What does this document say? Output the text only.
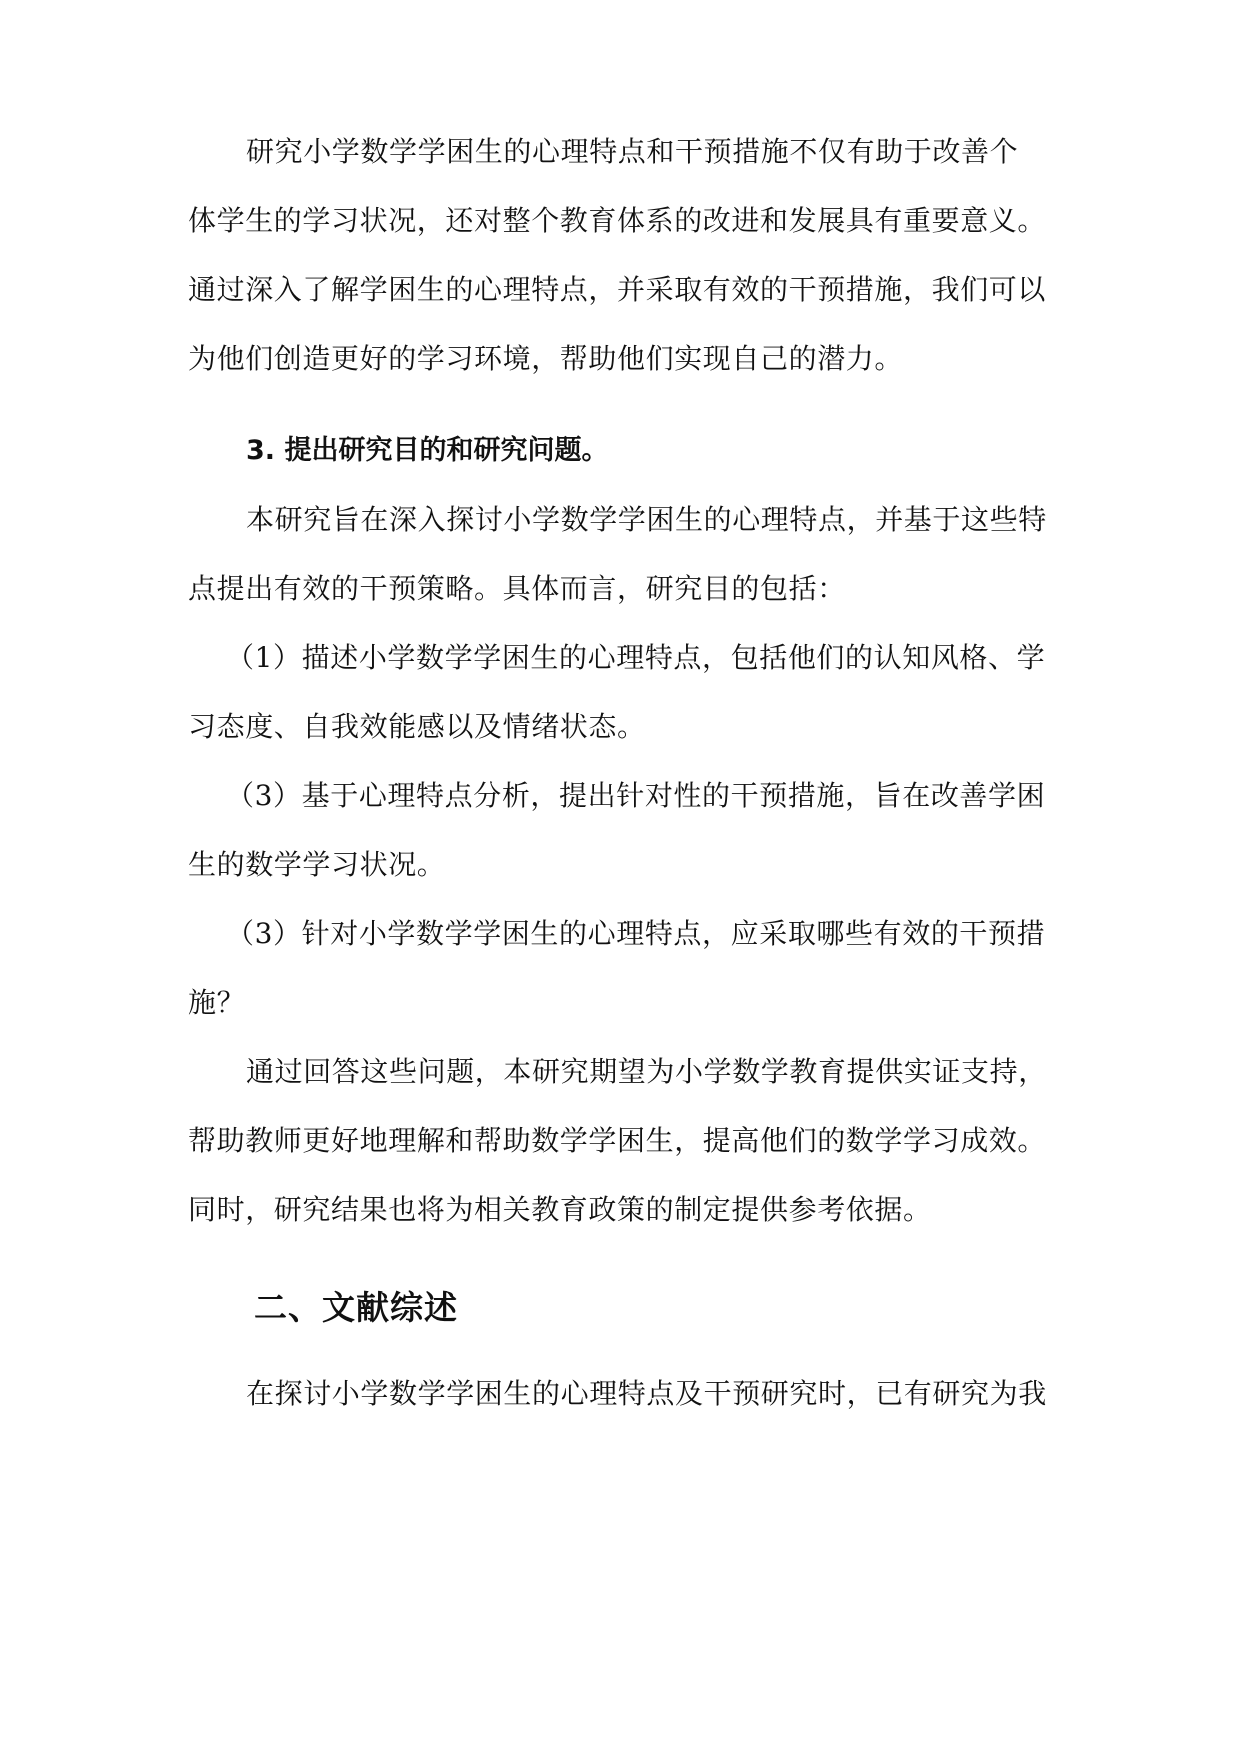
研究小学数学学困生的心理特点和干预措施不仅有助于改善个
体学生的学习状况，还对整个教育体系的改进和发展具有重要意义。
通过深入了解学困生的心理特点，并采取有效的干预措施，我们可以
为他们创造更好的学习环境，帮助他们实现自己的潜力。
3. 提出研究目的和研究问题。
本研究旨在深入探讨小学数学学困生的心理特点，并基于这些特
点提出有效的干预策略。具体而言，研究目的包括：
（1）描述小学数学学困生的心理特点，包括他们的认知风格、学
习态度、自我效能感以及情绪状态。
（3）基于心理特点分析，提出针对性的干预措施，旨在改善学困
生的数学学习状况。
（3）针对小学数学学困生的心理特点，应采取哪些有效的干预措
施？
通过回答这些问题，本研究期望为小学数学教育提供实证支持，
帮助教师更好地理解和帮助数学学困生，提高他们的数学学习成效。
同时，研究结果也将为相关教育政策的制定提供参考依据。
二、文献综述
在探讨小学数学学困生的心理特点及干预研究时，已有研究为我
